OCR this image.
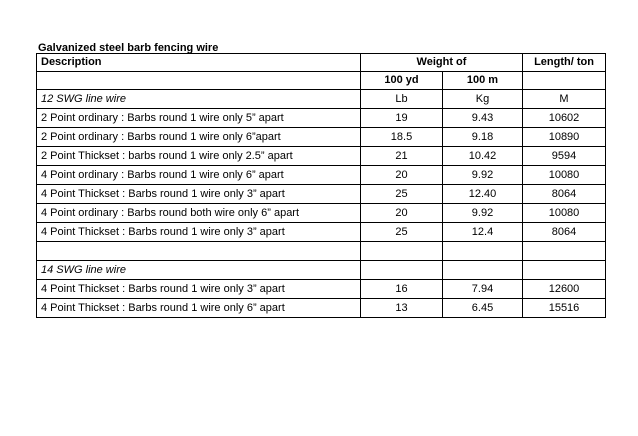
Galvanized steel barb fencing wire
Description	Weight of		Length/ ton
	100 yd	100 m	
12 SWG line wire	Lb	Kg	M
2 Point ordinary : Barbs round 1 wire only 5” apart	19	9.43	10602
2 Point ordinary : Barbs round 1 wire only 6”apart	18.5	9.18	10890
2 Point Thickset : barbs round 1 wire only 2.5” apart	21	10.42	9594
4 Point ordinary : Barbs round 1 wire only 6” apart	20	9.92	10080
4 Point Thickset : Barbs round 1 wire only 3” apart	25	12.40	8064
4 Point ordinary : Barbs round both wire only 6” apart	20	9.92	10080
4 Point Thickset : Barbs round 1 wire only 3” apart	25	12.4	8064

14 SWG line wire			
4 Point Thickset : Barbs round 1 wire only 3” apart	16	7.94	12600
4 Point Thickset : Barbs round 1 wire only 6” apart	13	6.45	15516
